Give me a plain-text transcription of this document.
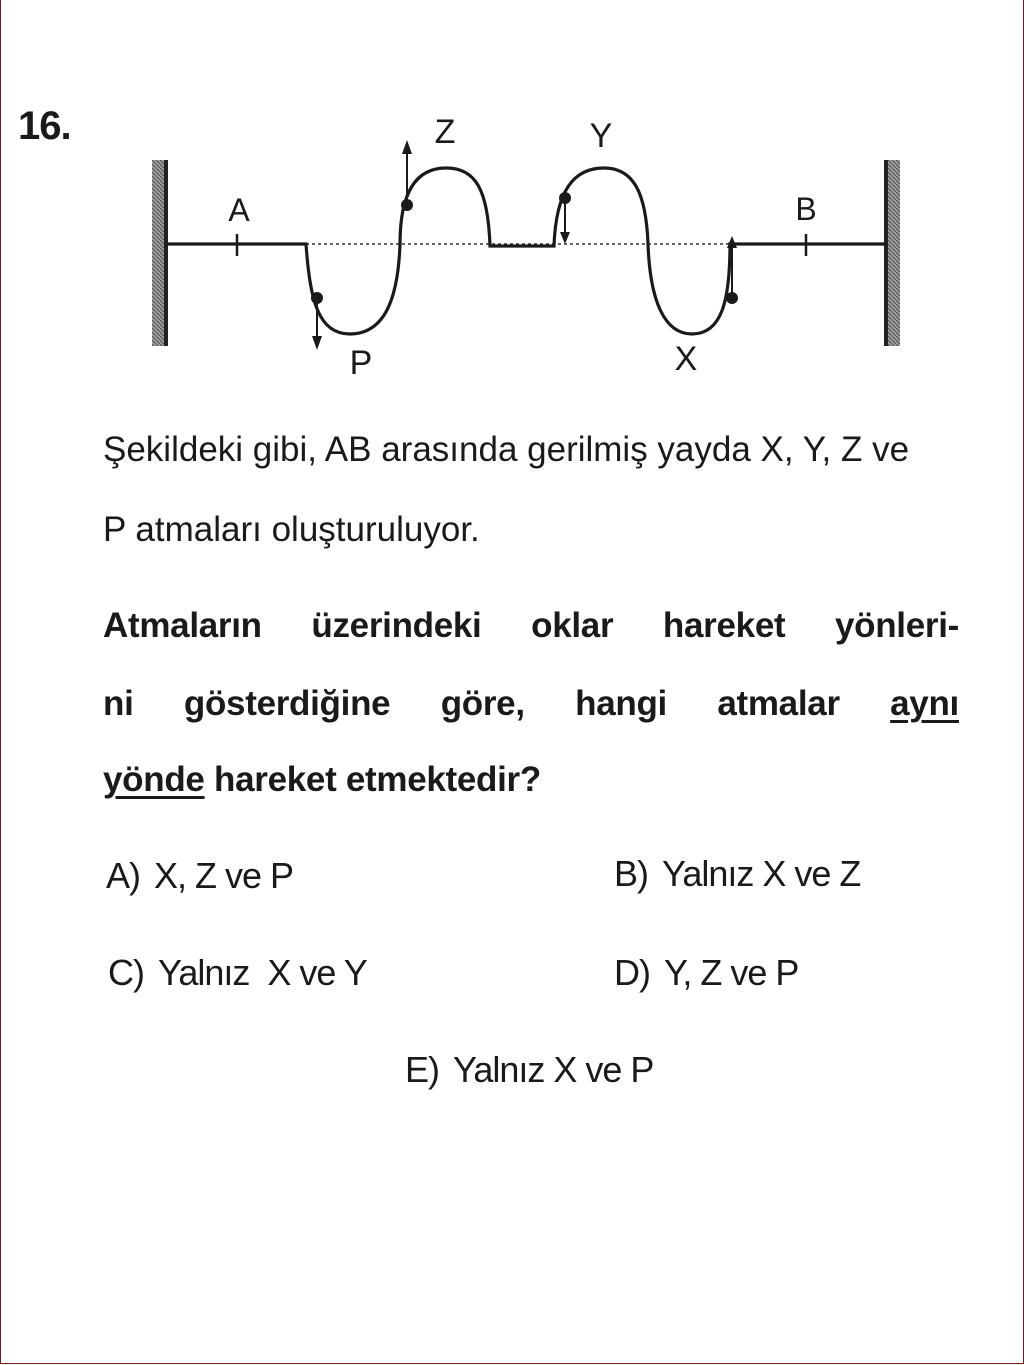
16.
A	B
Z	Y
P	X
Şekildeki gibi, AB arasında gerilmiş yayda X, Y, Z ve
P atmaları oluşturuluyor.
Atmaların üzerindeki oklar hareket yönleri-
ni gösterdiğine göre, hangi atmalar aynı
yönde hareket etmektedir?
A) X, Z ve P	B) Yalnız X ve Z
C) Yalnız  X ve Y	D) Y, Z ve P
E) Yalnız X ve P
